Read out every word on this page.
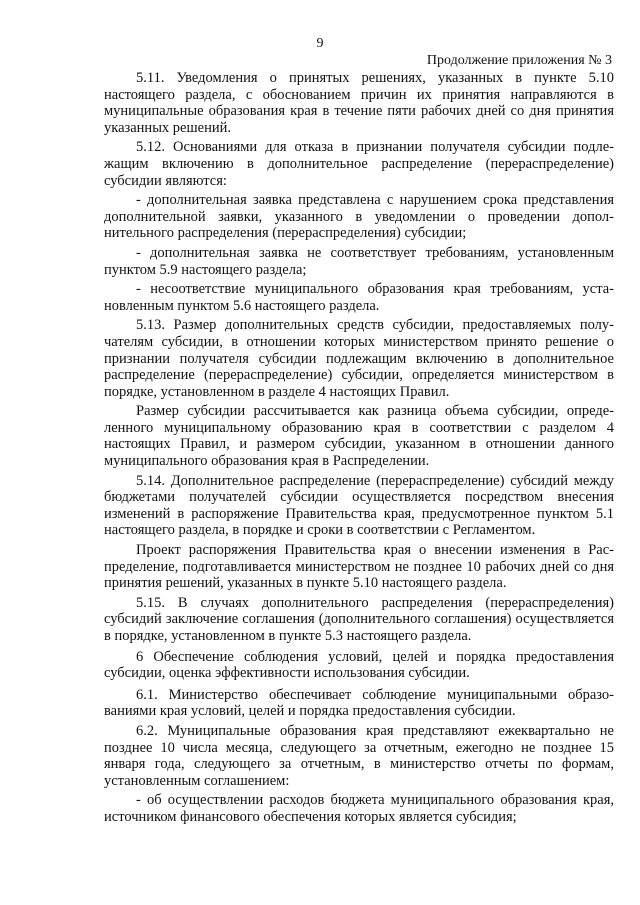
9
Продолжение приложения № 3

5.11. Уведомления о принятых решениях, указанных в пункте 5.10 настоящего раздела, с обоснованием причин их принятия направляются в муниципальные образования края в течение пяти рабочих дней со дня принятия указанных решений.

5.12. Основаниями для отказа в признании получателя субсидии подлежащим включению в дополнительное распределение (перераспределение) субсидии являются:

- дополнительная заявка представлена с нарушением срока представления дополнительной заявки, указанного в уведомлении о проведении дополнительного распределения (перераспределения) субсидии;

- дополнительная заявка не соответствует требованиям, установленным пунктом 5.9 настоящего раздела;

- несоответствие муниципального образования края требованиям, установленным пунктом 5.6 настоящего раздела.

5.13. Размер дополнительных средств субсидии, предоставляемых получателям субсидии, в отношении которых министерством принято решение о признании получателя субсидии подлежащим включению в дополнительное распределение (перераспределение) субсидии, определяется министерством в порядке, установленном в разделе 4 настоящих Правил.

Размер субсидии рассчитывается как разница объема субсидии, определенного муниципальному образованию края в соответствии с разделом 4 настоящих Правил, и размером субсидии, указанном в отношении данного муниципального образования края в Распределении.

5.14. Дополнительное распределение (перераспределение) субсидий между бюджетами получателей субсидии осуществляется посредством внесения изменений в распоряжение Правительства края, предусмотренное пунктом 5.1 настоящего раздела, в порядке и сроки в соответствии с Регламентом.

Проект распоряжения Правительства края о внесении изменения в Распределение, подготавливается министерством не позднее 10 рабочих дней со дня принятия решений, указанных в пункте 5.10 настоящего раздела.

5.15. В случаях дополнительного распределения (перераспределения) субсидий заключение соглашения (дополнительного соглашения) осуществляется в порядке, установленном в пункте 5.3 настоящего раздела.

6 Обеспечение соблюдения условий, целей и порядка предоставления субсидии, оценка эффективности использования субсидии.

6.1. Министерство обеспечивает соблюдение муниципальными образованиями края условий, целей и порядка предоставления субсидии.

6.2. Муниципальные образования края представляют ежеквартально не позднее 10 числа месяца, следующего за отчетным, ежегодно не позднее 15 января года, следующего за отчетным, в министерство отчеты по формам, установленным соглашением:

- об осуществлении расходов бюджета муниципального образования края, источником финансового обеспечения которых является субсидия;
